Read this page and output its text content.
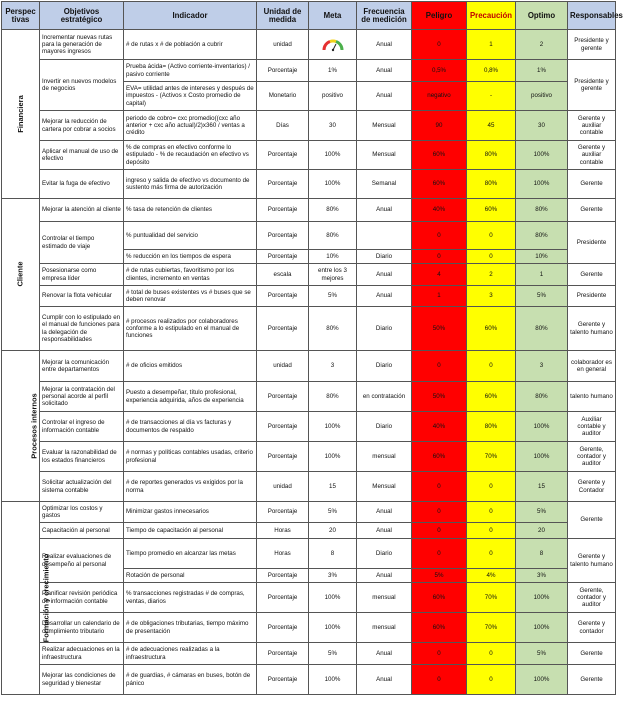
Perspec tivas	Objetivos estratégico	Indicador	Unidad de medida	Meta	Frecuencia de medición	Peligro	Precaución	Optimo	Responsables
Financiera	Incrementar nuevas rutas para la generación de mayores ingresos	# de rutas x # de población a cubrir	unidad		Anual	0	1	2	Presidente y gerente
	Invertir en nuevos modelos de negocios	Prueba ácida= (Activo corriente-inventarios) / pasivo corriente	Porcentaje	1%	Anual	0,5%	0,8%	1%	Presidente y gerente
		EVA= utilidad antes de intereses y después de impuestos - (Activos x Costo promedio de capital)	Monetario	positivo	Anual	negativo	-	positivo	
	Mejorar la reducción de cartera por cobrar a socios	periodo de cobro= cxc promedio((cxc año anterior + cxc año actual)/2)x360 / ventas a crédito	Días	30	Mensual	90	45	30	Gerente y auxiliar contable
	Aplicar el manual de uso de efectivo	% de compras en efectivo conforme lo estipulado - % de recaudación en efectivo vs depósito	Porcentaje	100%	Mensual	60%	80%	100%	Gerente y auxiliar contable
	Evitar la fuga de efectivo	ingreso y salida de efectivo vs documento de sustento más firma de autorización	Porcentaje	100%	Semanal	60%	80%	100%	Gerente
Cliente	Mejorar la atención al cliente	% tasa de retención de clientes	Porcentaje	80%	Anual	40%	60%	80%	Gerente
	Controlar el tiempo estimado de viaje	% puntualidad del servicio	Porcentaje	80%		0	0	80%	Presidente
		% reducción en los tiempos de espera	Porcentaje	10%	Diario	0	0	10%	
	Posesionarse como empresa líder	# de rutas cubiertas, favoritismo por los clientes, incremento en ventas	escala	entre los 3 mejores	Anual	4	2	1	Gerente
	Renovar la flota vehicular	# total de buses existentes vs # buses que se deben renovar	Porcentaje	5%	Anual	1	3	5%	Presidente
	Cumplir con lo estipulado en el manual de funciones para la delegación de responsabilidades	# procesos realizados por colaboradores conforme a lo estipulado en el manual de funciones	Porcentaje	80%	Diario	50%	60%	80%	Gerente y talento humano
Procesos internos	Mejorar la comunicación entre departamentos	# de oficios emitidos	unidad	3	Diario	0	0	3	colaborador es en general
	Mejorar la contratación del personal acorde al perfil solicitado	Puesto a desempeñar, título profesional, experiencia adquirida, años de experiencia	Porcentaje	80%	en contratación	50%	60%	80%	talento humano
	Controlar el ingreso de información contable	# de transacciones al día vs facturas y documentos de respaldo	Porcentaje	100%	Diario	40%	80%	100%	Auxiliar contable y auditor
	Evaluar la razonabilidad de los estados financieros	# normas y políticas contables usadas, criterio profesional	Porcentaje	100%	mensual	60%	70%	100%	Gerente, contador y auditor
	Solicitar actualización del sistema contable	# de reportes generados vs exigidos por la norma	unidad	15	Mensual	0	0	15	Gerente y Contador
Formación y crecimiento	Optimizar los costos y gastos	Minimizar gastos innecesarios	Porcentaje	5%	Anual	0	0	5%	Gerente
	Capacitación al personal	Tiempo de capacitación al personal	Horas	20	Anual	0	0	20	
	Realizar evaluaciones de desempeño al personal	Tiempo promedio en alcanzar las metas	Horas	8	Diario	0	0	8	Gerente y talento humano
		Rotación de personal	Porcentaje	3%	Anual	5%	4%	3%	
	Planificar revisión periódica de información contable	% transacciones registradas # de compras, ventas, diarios	Porcentaje	100%	mensual	60%	70%	100%	Gerente, contador y auditor
	Desarrollar un calendario de cumplimiento tributario	# de obligaciones tributarias, tiempo máximo de presentación	Porcentaje	100%	mensual	60%	70%	100%	Gerente y contador
	Realizar adecuaciones en la infraestructura	# de adecuaciones realizadas a la infraestructura	Porcentaje	5%	Anual	0	0	5%	Gerente
	Mejorar las condiciones de seguridad y bienestar	# de guardias, # cámaras en buses, botón de pánico	Porcentaje	100%	Anual	0	0	100%	Gerente
